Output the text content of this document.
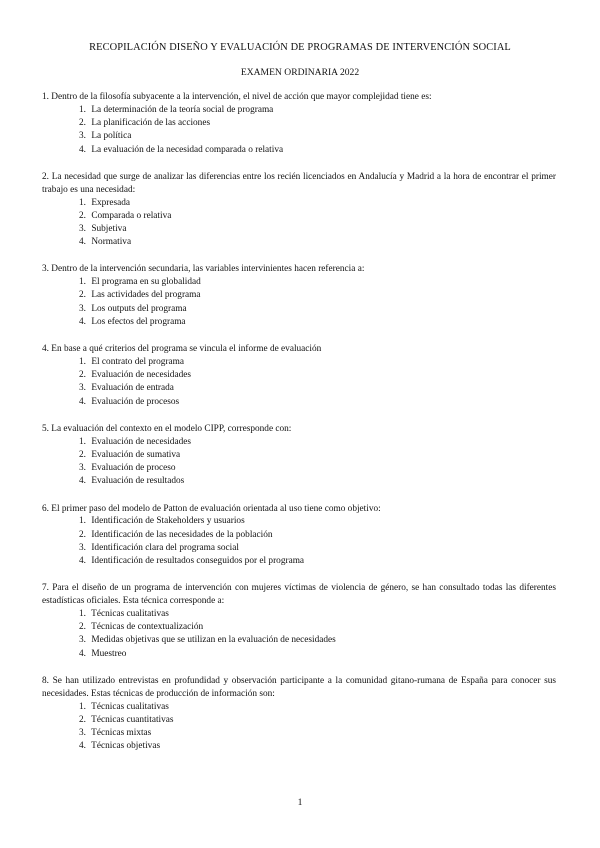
RECOPILACIÓN DISEÑO Y EVALUACIÓN DE PROGRAMAS DE INTERVENCIÓN SOCIAL
EXAMEN ORDINARIA 2022
1. Dentro de la filosofía subyacente a la intervención, el nivel de acción que mayor complejidad tiene es:
1. La determinación de la teoría social de programa
2. La planificación de las acciones
3. La política
4. La evaluación de la necesidad comparada o relativa
2. La necesidad que surge de analizar las diferencias entre los recién licenciados en Andalucía y Madrid a la hora de encontrar el primer trabajo es una necesidad:
1. Expresada
2. Comparada o relativa
3. Subjetiva
4. Normativa
3. Dentro de la intervención secundaria, las variables intervinientes hacen referencia a:
1. El programa en su globalidad
2. Las actividades del programa
3. Los outputs del programa
4. Los efectos del programa
4. En base a qué criterios del programa se vincula el informe de evaluación
1. El contrato del programa
2. Evaluación de necesidades
3. Evaluación de entrada
4. Evaluación de procesos
5. La evaluación del contexto en el modelo CIPP, corresponde con:
1. Evaluación de necesidades
2. Evaluación de sumativa
3. Evaluación de proceso
4. Evaluación de resultados
6. El primer paso del modelo de Patton de evaluación orientada al uso tiene como objetivo:
1. Identificación de Stakeholders y usuarios
2. Identificación de las necesidades de la población
3. Identificación clara del programa social
4. Identificación de resultados conseguidos por el programa
7. Para el diseño de un programa de intervención con mujeres víctimas de violencia de género, se han consultado todas las diferentes estadísticas oficiales. Esta técnica corresponde a:
1. Técnicas cualitativas
2. Técnicas de contextualización
3. Medidas objetivas que se utilizan en la evaluación de necesidades
4. Muestreo
8. Se han utilizado entrevistas en profundidad y observación participante a la comunidad gitano-rumana de España para conocer sus necesidades. Estas técnicas de producción de información son:
1. Técnicas cualitativas
2. Técnicas cuantitativas
3. Técnicas mixtas
4. Técnicas objetivas
1
